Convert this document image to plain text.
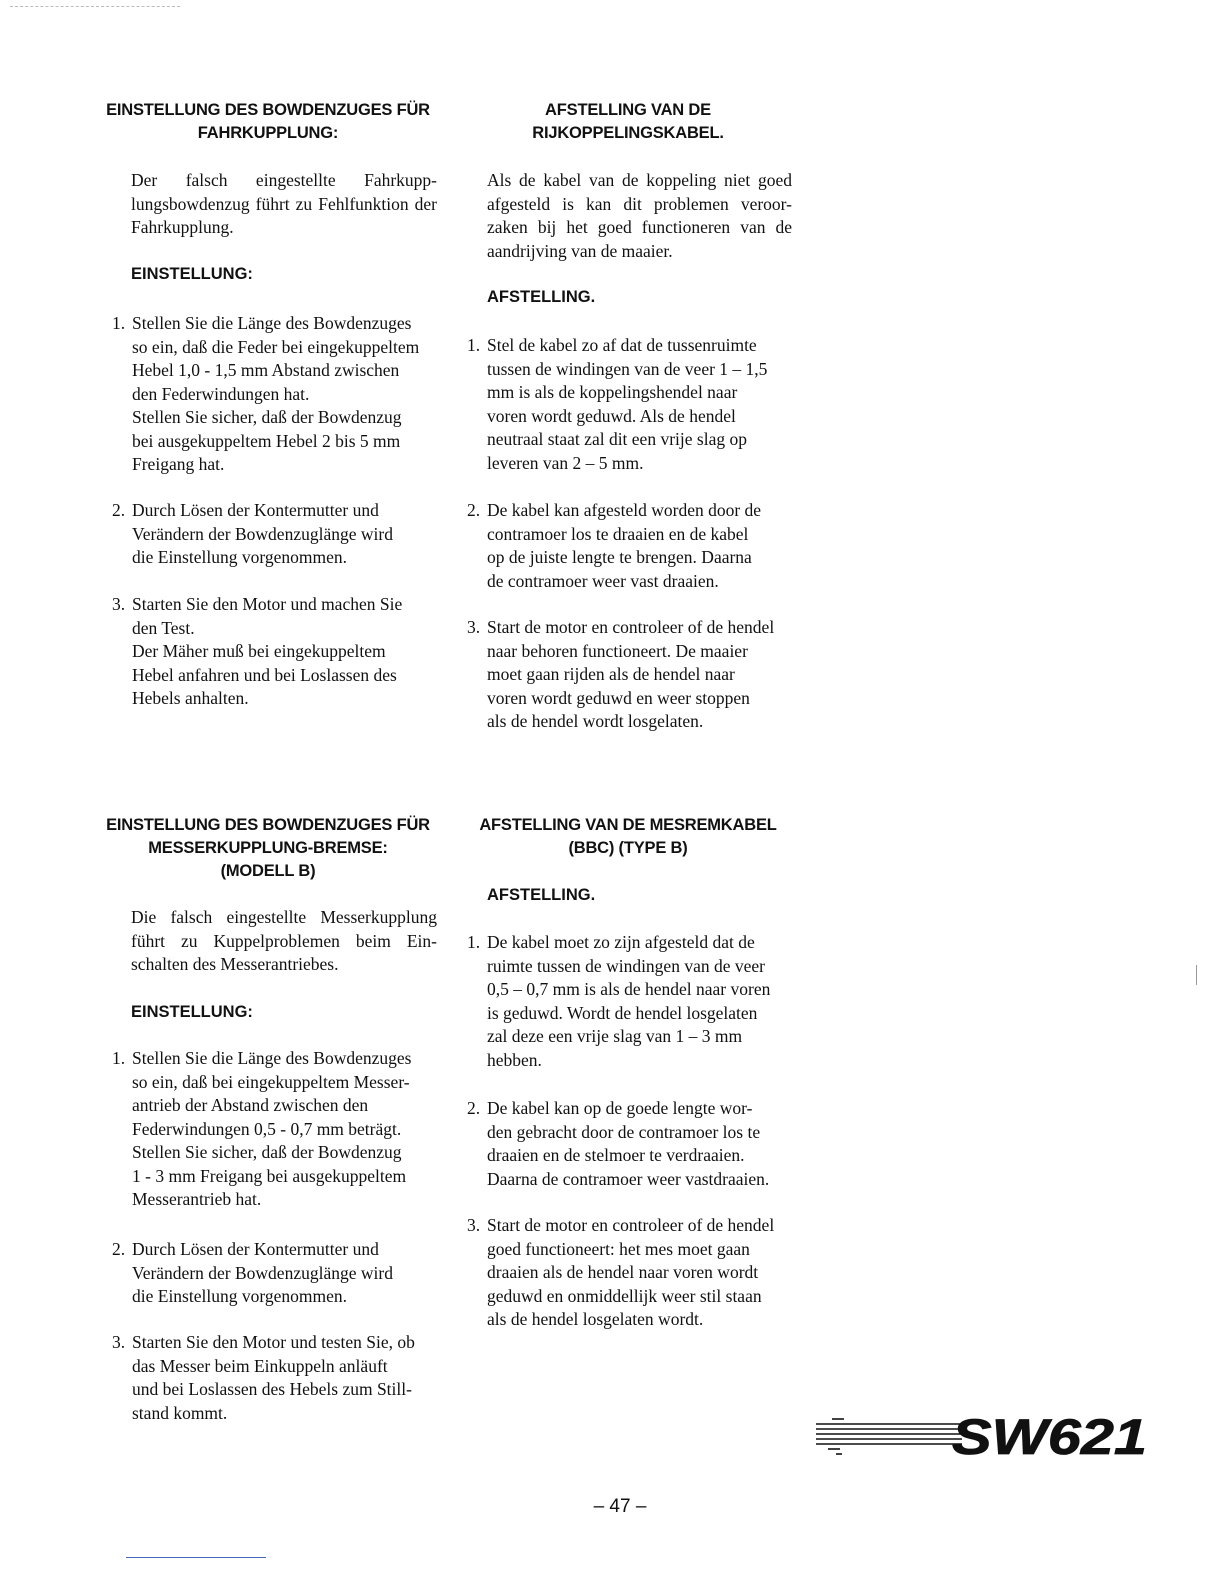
EINSTELLUNG DES BOWDENZUGES FÜR
FAHRKUPPLUNG:
Der falsch eingestellte Fahrkupp-lungsbowdenzug führt zu Fehlfunktion der Fahrkupplung.
EINSTELLUNG:
1. Stellen Sie die Länge des Bowdenzuges
so ein, daß die Feder bei eingekuppeltem
Hebel 1,0 - 1,5 mm Abstand zwischen
den Federwindungen hat.
Stellen Sie sicher, daß der Bowdenzug
bei ausgekuppeltem Hebel 2 bis 5 mm
Freigang hat.
2. Durch Lösen der Kontermutter und
Verändern der Bowdenzuglänge wird
die Einstellung vorgenommen.
3. Starten Sie den Motor und machen Sie
den Test.
Der Mäher muß bei eingekuppeltem
Hebel anfahren und bei Loslassen des
Hebels anhalten.
AFSTELLING VAN DE
RIJKOPPELINGSKABEL.
Als de kabel van de koppeling niet goed afgesteld is kan dit problemen veroor-zaken bij het goed functioneren van de aandrijving van de maaier.
AFSTELLING.
1. Stel de kabel zo af dat de tussenruimte
tussen de windingen van de veer 1 – 1,5
mm is als de koppelingshendel naar
voren wordt geduwd. Als de hendel
neutraal staat zal dit een vrije slag op
leveren van 2 – 5 mm.
2. De kabel kan afgesteld worden door de
contramoer los te draaien en de kabel
op de juiste lengte te brengen. Daarna
de contramoer weer vast draaien.
3. Start de motor en controleer of de hendel
naar behoren functioneert. De maaier
moet gaan rijden als de hendel naar
voren wordt geduwd en weer stoppen
als de hendel wordt losgelaten.
EINSTELLUNG DES BOWDENZUGES FÜR
MESSERKUPPLUNG-BREMSE:
(MODELL B)
Die falsch eingestellte Messerkupplung führt zu Kuppelproblemen beim Ein-schalten des Messerantriebes.
EINSTELLUNG:
1. Stellen Sie die Länge des Bowdenzuges
so ein, daß bei eingekuppeltem Messer-
antrieb der Abstand zwischen den
Federwindungen 0,5 - 0,7 mm beträgt.
Stellen Sie sicher, daß der Bowdenzug
1 - 3 mm Freigang bei ausgekuppeltem
Messerantrieb hat.
2. Durch Lösen der Kontermutter und
Verändern der Bowdenzuglänge wird
die Einstellung vorgenommen.
3. Starten Sie den Motor und testen Sie, ob
das Messer beim Einkuppeln anläuft
und bei Loslassen des Hebels zum Still-
stand kommt.
AFSTELLING VAN DE MESREMKABEL
(BBC) (TYPE B)
AFSTELLING.
1. De kabel moet zo zijn afgesteld dat de
ruimte tussen de windingen van de veer
0,5 – 0,7 mm is als de hendel naar voren
is geduwd. Wordt de hendel losgelaten
zal deze een vrije slag van 1 – 3 mm
hebben.
2. De kabel kan op de goede lengte wor-
den gebracht door de contramoer los te
draaien en de stelmoer te verdraaien.
Daarna de contramoer weer vastdraaien.
3. Start de motor en controleer of de hendel
goed functioneert: het mes moet gaan
draaien als de hendel naar voren wordt
geduwd en onmiddellijk weer stil staan
als de hendel losgelaten wordt.
SW621
– 47 –
